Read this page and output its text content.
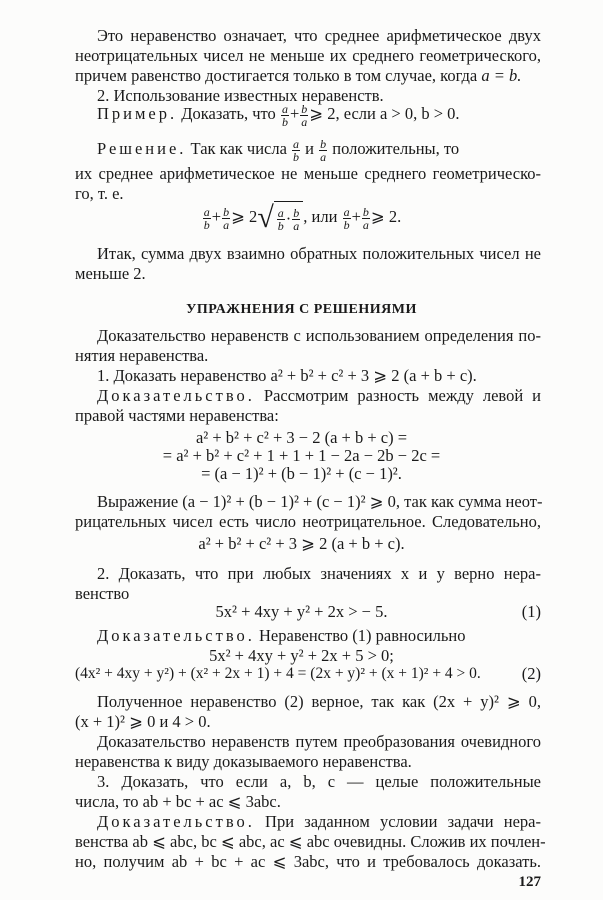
Это неравенство означает, что среднее арифметическое двух
неотрицательных чисел не меньше их среднего геометрического,
причем равенство достигается только в том случае, когда a = b.
2. Использование известных неравенств.
Пример. Доказать, что $\frac{a}{b} + \frac{b}{a}$ ⩾ 2, если a > 0, b > 0.
Решение. Так как числа $\frac{a}{b}$ и $\frac{b}{a}$ положительны, то
их среднее арифметическое не меньше среднего геометрическо-
го, т. е.
$\frac{a}{b} + \frac{b}{a}$ ⩾ $2√ \frac{a}{b} \cdot \frac{b}{a}$ , или $\frac{a}{b} + \frac{b}{a}$ ⩾ 2.
Итак, сумма двух взаимно обратных положительных чисел не
меньше 2.
УПРАЖНЕНИЯ С РЕШЕНИЯМИ
Доказательство неравенств с использованием определения по-
нятия неравенства.
1. Доказать неравенство a² + b² + c² + 3 ⩾ 2 (a + b + c).
Доказательство. Рассмотрим разность между левой и
правой частями неравенства:
a² + b² + c² + 3 − 2 (a + b + c) =
= a² + b² + c² + 1 + 1 + 1 − 2a − 2b − 2c =
= (a − 1)² + (b − 1)² + (c − 1)².
Выражение (a − 1)² + (b − 1)² + (c − 1)² ⩾ 0, так как сумма неот-
рицательных чисел есть число неотрицательное. Следовательно,
a² + b² + c² + 3 ⩾ 2 (a + b + c).
2. Доказать, что при любых значениях x и y верно нера-
венство
5x² + 4xy + y² + 2x > − 5.	(1)
Доказательство. Неравенство (1) равносильно
5x² + 4xy + y² + 2x + 5 > 0;
(4x² + 4xy + y²) + (x² + 2x + 1) + 4 = (2x + y)² + (x + 1)² + 4 > 0.	(2)
Полученное неравенство (2) верное, так как (2x + y)² ⩾ 0,
(x + 1)² ⩾ 0 и 4 > 0.
Доказательство неравенств путем преобразования очевидного
неравенства к виду доказываемого неравенства.
3. Доказать, что если a, b, c — целые положительные
числа, то ab + bc + ac ⩽ 3abc.
Доказательство. При заданном условии задачи нера-
венства ab ⩽ abc, bc ⩽ abc, ac ⩽ abc очевидны. Сложив их почлен-
но, получим ab + bc + ac ⩽ 3abc, что и требовалось доказать.
127
